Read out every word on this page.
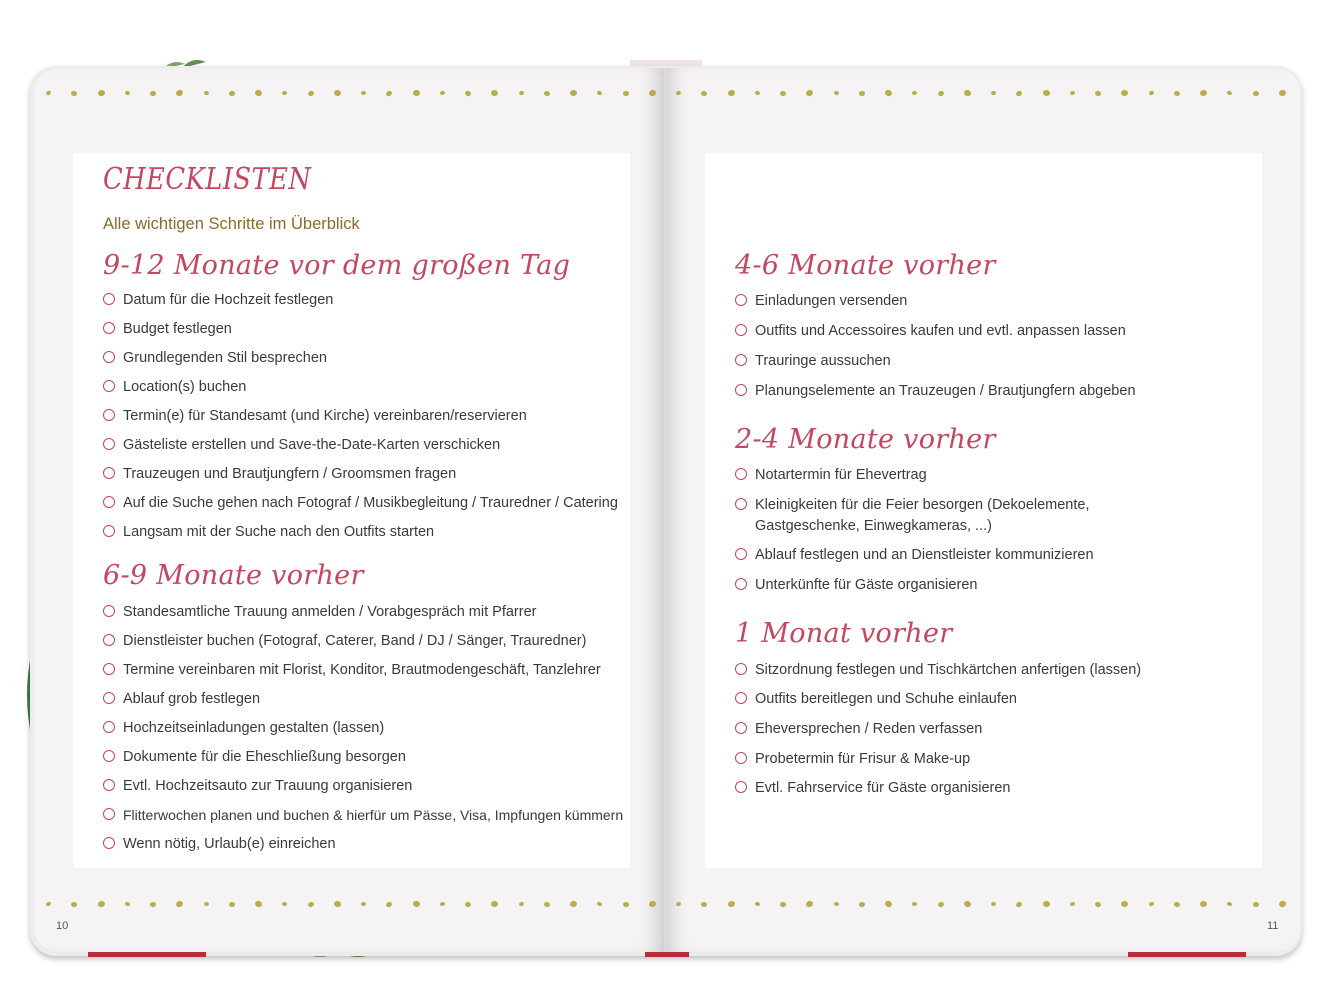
CHECKLISTEN
Alle wichtigen Schritte im Überblick
9-12 Monate vor dem großen Tag
Datum für die Hochzeit festlegen
Budget festlegen
Grundlegenden Stil besprechen
Location(s) buchen
Termin(e) für Standesamt (und Kirche) vereinbaren/reservieren
Gästeliste erstellen und Save-the-Date-Karten verschicken
Trauzeugen und Brautjungfern / Groomsmen fragen
Auf die Suche gehen nach Fotograf / Musikbegleitung / Trauredner / Catering
Langsam mit der Suche nach den Outfits starten
6-9 Monate vorher
Standesamtliche Trauung anmelden / Vorabgespräch mit Pfarrer
Dienstleister buchen (Fotograf, Caterer, Band / DJ / Sänger, Trauredner)
Termine vereinbaren mit Florist, Konditor, Brautmodengeschäft, Tanzlehrer
Ablauf grob festlegen
Hochzeitseinladungen gestalten (lassen)
Dokumente für die Eheschließung besorgen
Evtl. Hochzeitsauto zur Trauung organisieren
Flitterwochen planen und buchen & hierfür um Pässe, Visa, Impfungen kümmern
Wenn nötig, Urlaub(e) einreichen
4-6 Monate vorher
Einladungen versenden
Outfits und Accessoires kaufen und evtl. anpassen lassen
Trauringe aussuchen
Planungselemente an Trauzeugen / Brautjungfern abgeben
2-4 Monate vorher
Notartermin für Ehevertrag
Kleinigkeiten für die Feier besorgen (Dekoelemente, Gastgeschenke, Einwegkameras, ...)
Ablauf festlegen und an Dienstleister kommunizieren
Unterkünfte für Gäste organisieren
1 Monat vorher
Sitzordnung festlegen und Tischkärtchen anfertigen (lassen)
Outfits bereitlegen und Schuhe einlaufen
Eheversprechen / Reden verfassen
Probetermin für Frisur & Make-up
Evtl. Fahrservice für Gäste organisieren
10	11
